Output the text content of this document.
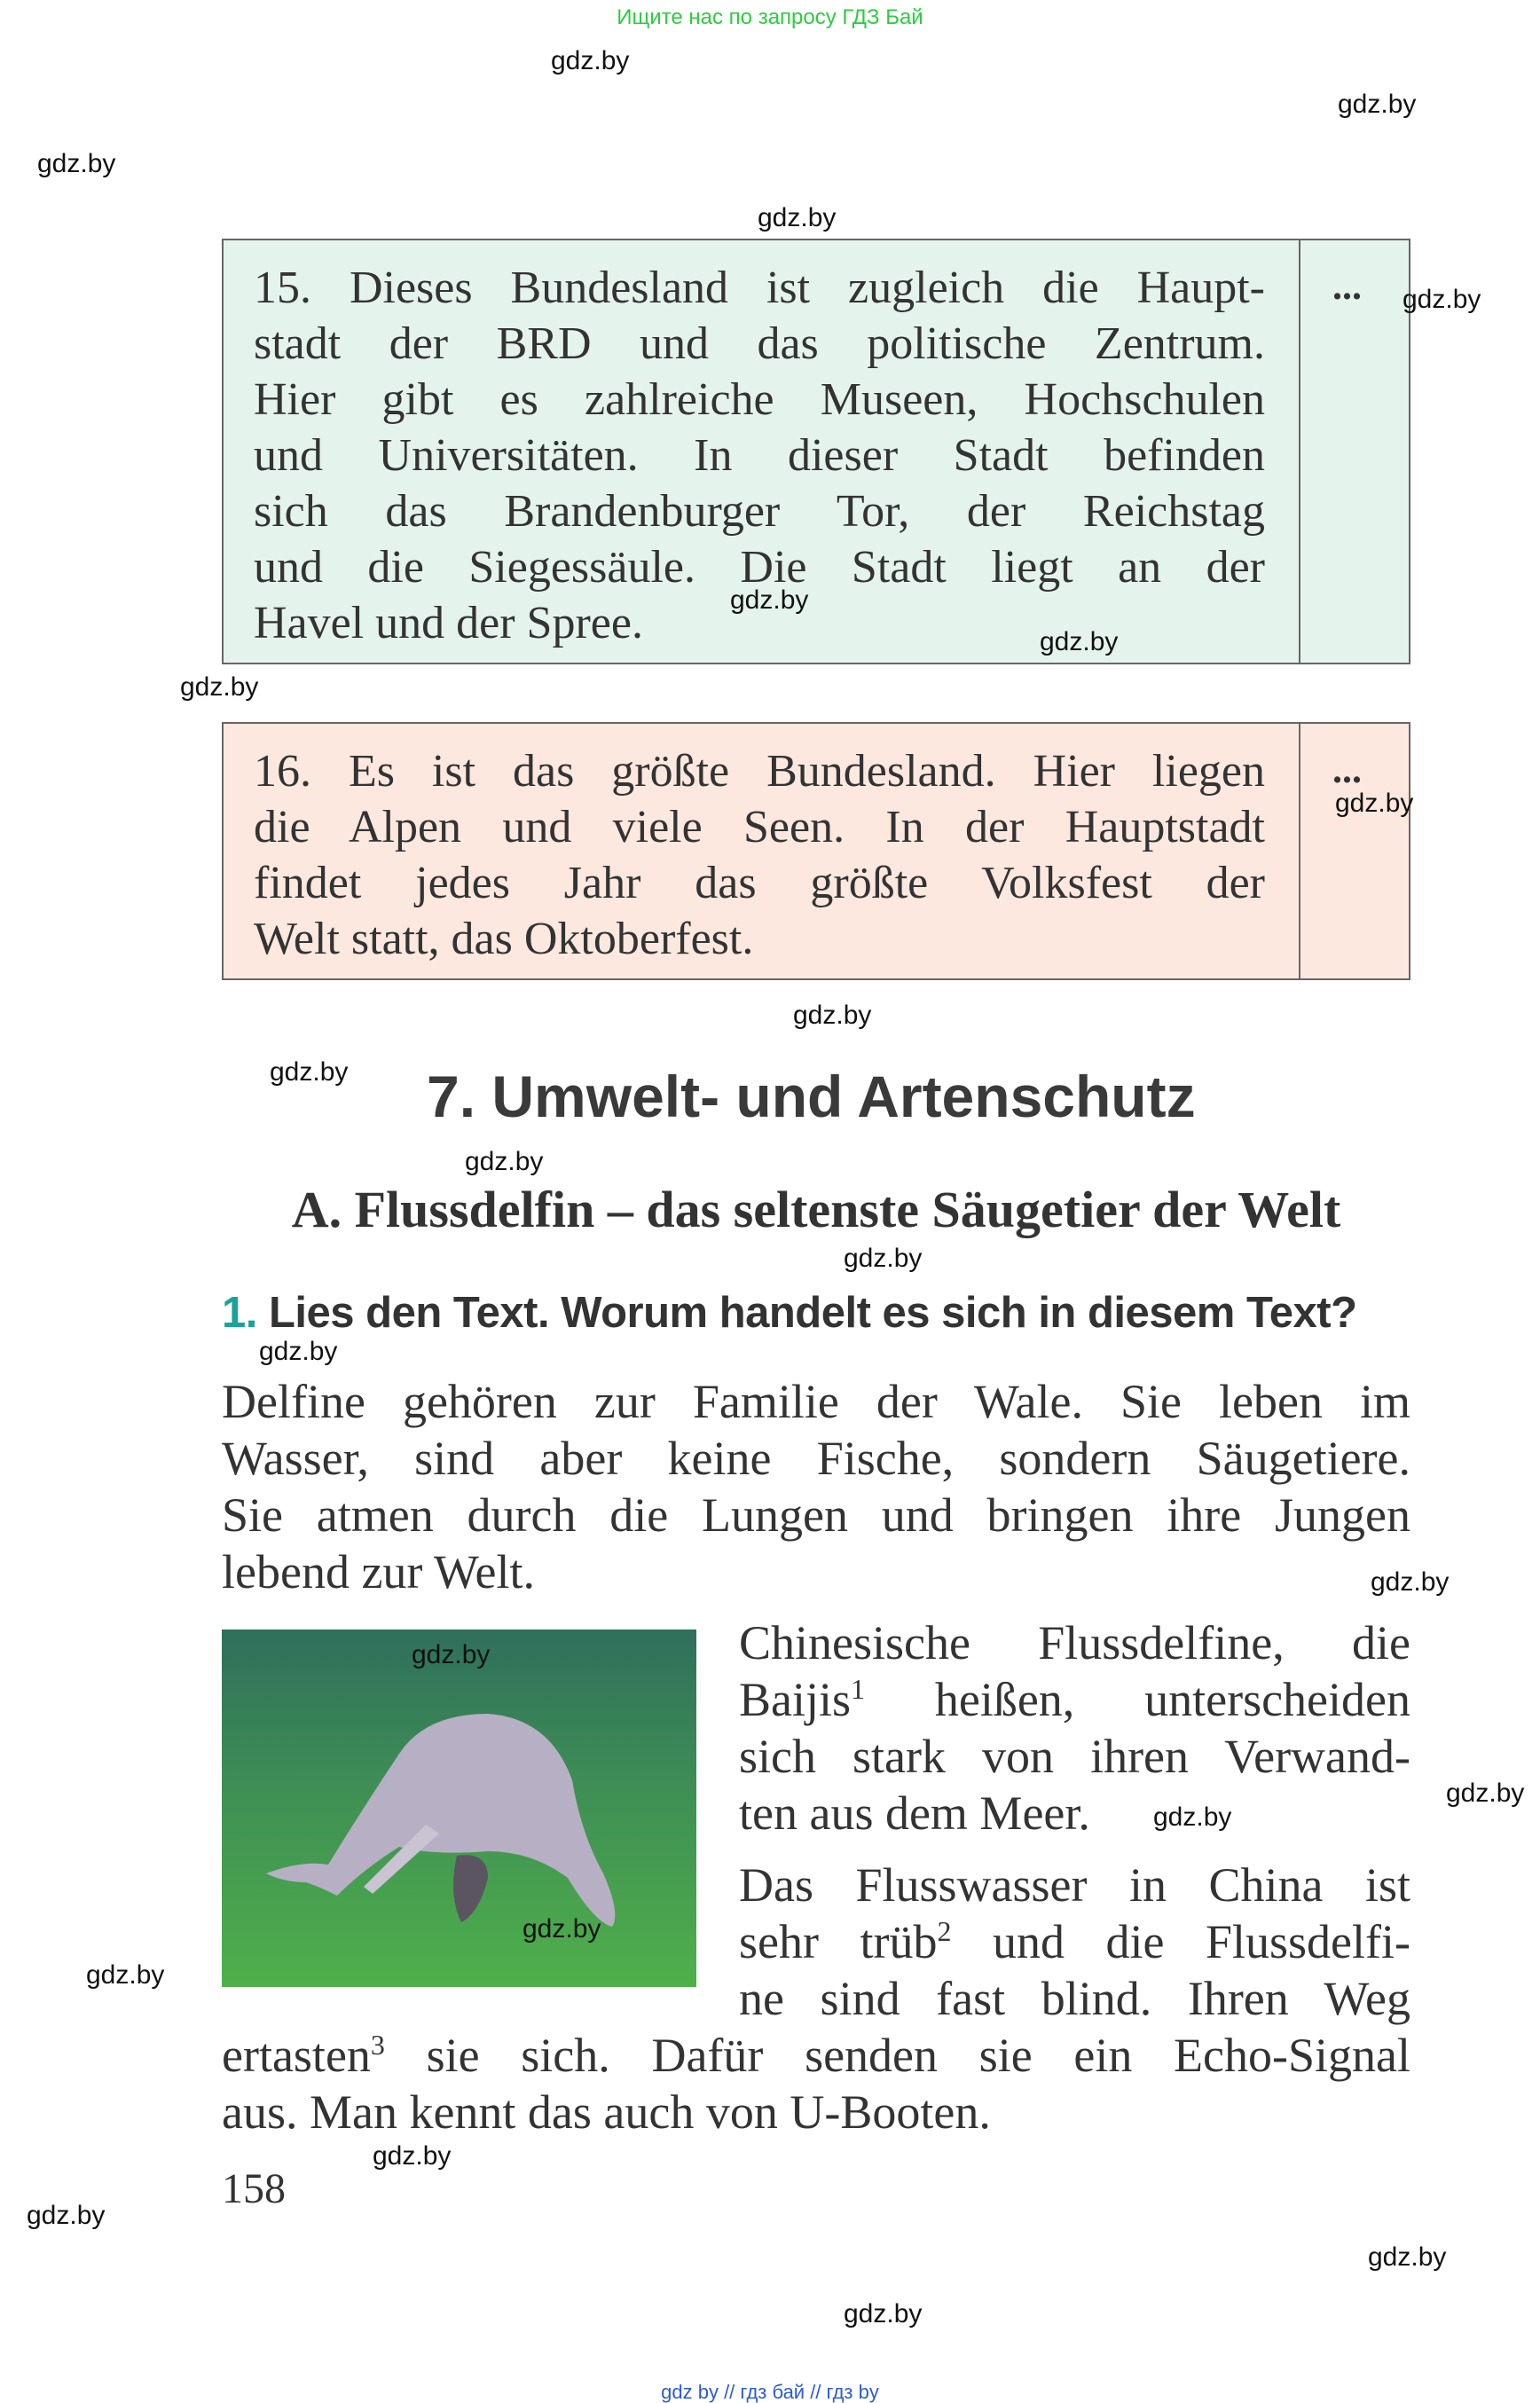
Ищите нас по запросу ГДЗ Бай
15. Dieses Bundesland ist zugleich die Haupt-
stadt der BRD und das politische Zentrum.
Hier gibt es zahlreiche Museen, Hochschulen
und Universitäten. In dieser Stadt befinden
sich das Brandenburger Tor, der Reichstag
und die Siegessäule. Die Stadt liegt an der
Havel und der Spree.
...
16. Es ist das größte Bundesland. Hier liegen
die Alpen und viele Seen. In der Hauptstadt
findet jedes Jahr das größte Volksfest der
Welt statt, das Oktoberfest.
...
7. Umwelt- und Artenschutz
A. Flussdelfin – das seltenste Säugetier der Welt
1. Lies den Text. Worum handelt es sich in diesem Text?
Delfine gehören zur Familie der Wale. Sie leben im
Wasser, sind aber keine Fische, sondern Säugetiere.
Sie atmen durch die Lungen und bringen ihre Jungen
lebend zur Welt.
Chinesische Flussdelfine, die
Baijis$^1$ heißen, unterscheiden
sich stark von ihren Verwand-
ten aus dem Meer.
Das Flusswasser in China ist
sehr trüb$^2$ und die Flussdelfi-
ne sind fast blind. Ihren Weg
ertasten$^3$ sie sich. Dafür senden sie ein Echo-Signal
aus. Man kennt das auch von U-Booten.
158
gdz.by
gdz.by
gdz.by
gdz.by
gdz.by
gdz.by
gdz.by
gdz.by
gdz.by
gdz.by
gdz.by
gdz.by
gdz.by
gdz.by
gdz.by
gdz.by
gdz.by
gdz.by
gdz.by
gdz.by
gdz.by
gdz.by
gdz.by
gdz.by
gdz by // гдз бай // гдз by
